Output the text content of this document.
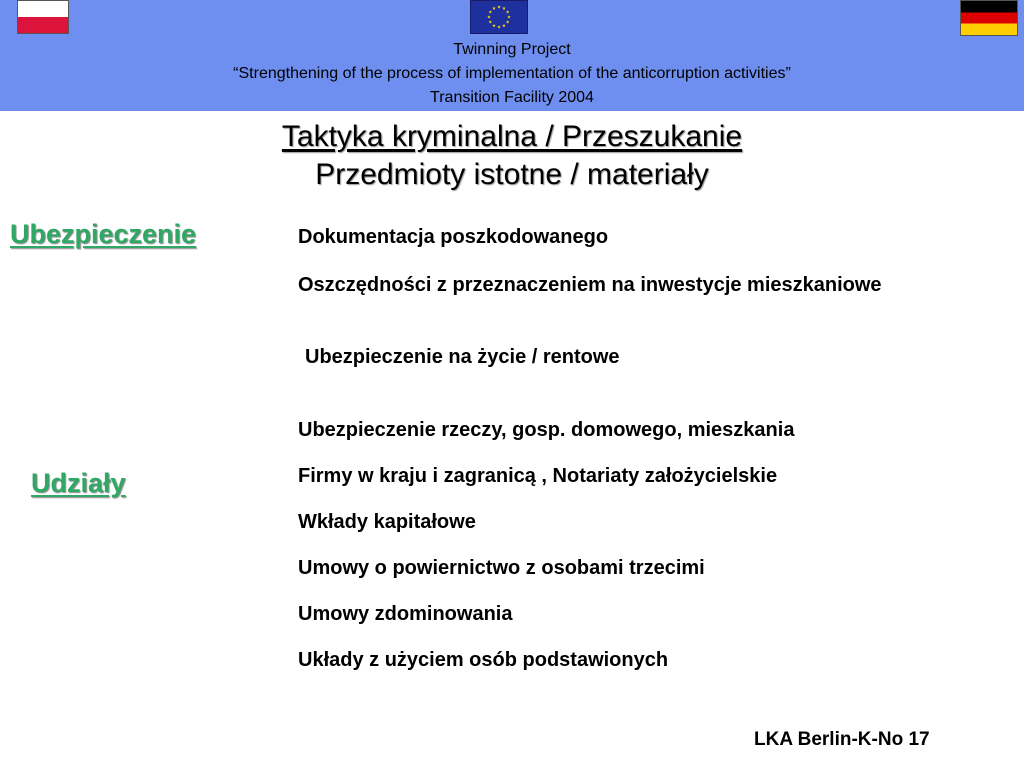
Twinning Project
“Strengthening of the process of implementation of the anticorruption activities”
Transition Facility 2004
Taktyka kryminalna / Przeszukanie
Przedmioty istotne / materiały
Ubezpieczenie
Udziały
Dokumentacja poszkodowanego
Oszczędności z przeznaczeniem na inwestycje mieszkaniowe
Ubezpieczenie na życie / rentowe
Ubezpieczenie rzeczy, gosp. domowego, mieszkania
Firmy w kraju i zagranicą , Notariaty założycielskie
Wkłady kapitałowe
Umowy o powiernictwo z osobami trzecimi
Umowy zdominowania
Układy z użyciem osób podstawionych
LKA Berlin-K-No 17
